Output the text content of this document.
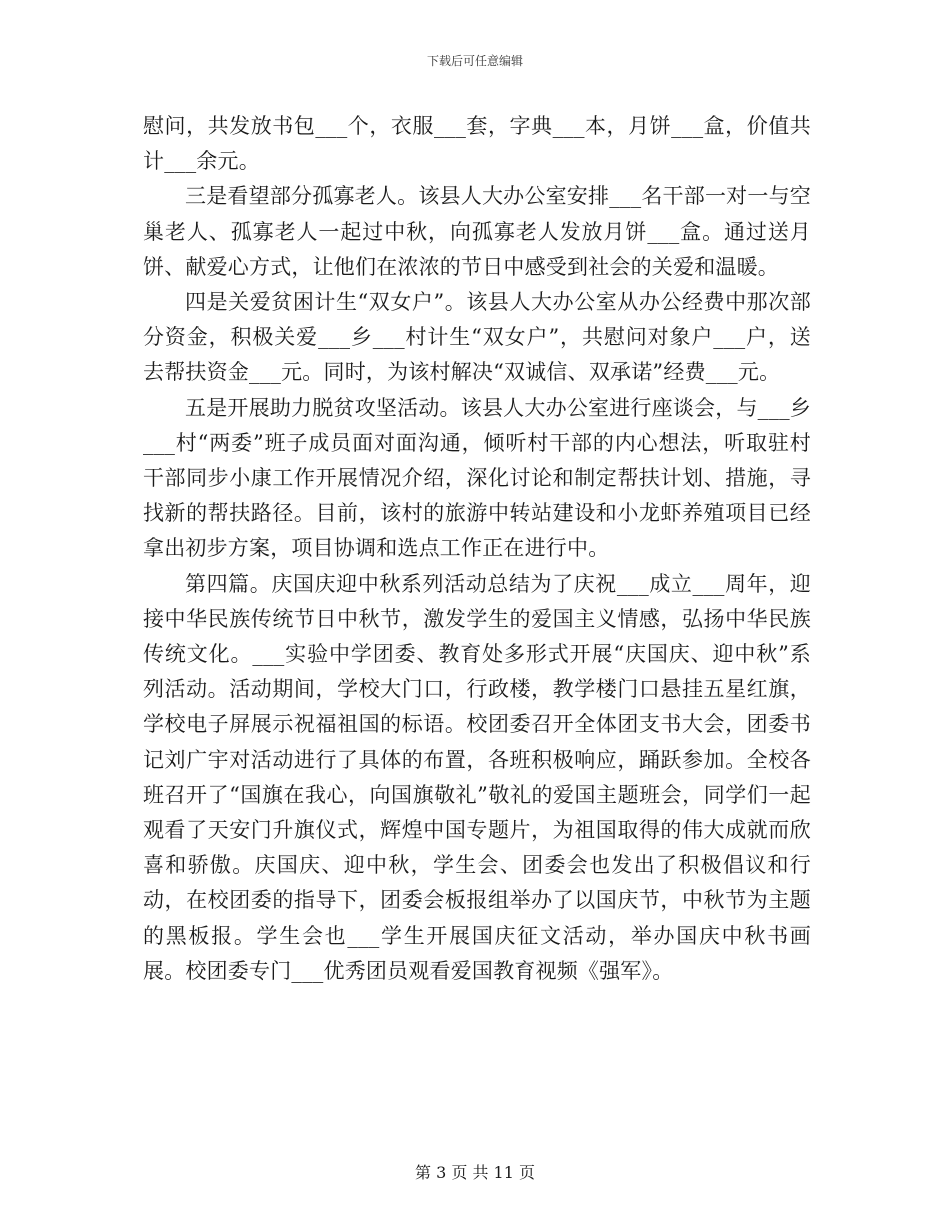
下载后可任意编辑

慰问，共发放书包___个，衣服___套，字典___本，月饼___盒，价值共计___余元。

三是看望部分孤寡老人。该县人大办公室安排___名干部一对一与空巢老人、孤寡老人一起过中秋，向孤寡老人发放月饼___盒。通过送月饼、献爱心方式，让他们在浓浓的节日中感受到社会的关爱和温暖。

四是关爱贫困计生“双女户”。该县人大办公室从办公经费中那次部分资金，积极关爱___乡___村计生“双女户”，共慰问对象户___户，送去帮扶资金___元。同时，为该村解决“双诚信、双承诺”经费___元。

五是开展助力脱贫攻坚活动。该县人大办公室进行座谈会，与___乡___村“两委”班子成员面对面沟通，倾听村干部的内心想法，听取驻村干部同步小康工作开展情况介绍，深化讨论和制定帮扶计划、措施，寻找新的帮扶路径。目前，该村的旅游中转站建设和小龙虾养殖项目已经拿出初步方案，项目协调和选点工作正在进行中。

第四篇。庆国庆迎中秋系列活动总结为了庆祝___成立___周年，迎接中华民族传统节日中秋节，激发学生的爱国主义情感，弘扬中华民族传统文化。___实验中学团委、教育处多形式开展“庆国庆、迎中秋”系列活动。活动期间，学校大门口，行政楼，教学楼门口悬挂五星红旗，学校电子屏展示祝福祖国的标语。校团委召开全体团支书大会，团委书记刘广宇对活动进行了具体的布置，各班积极响应，踊跃参加。全校各班召开了“国旗在我心，向国旗敬礼”敬礼的爱国主题班会，同学们一起观看了天安门升旗仪式，辉煌中国专题片，为祖国取得的伟大成就而欣喜和骄傲。庆国庆、迎中秋，学生会、团委会也发出了积极倡议和行动，在校团委的指导下，团委会板报组举办了以国庆节，中秋节为主题的黑板报。学生会也___学生开展国庆征文活动，举办国庆中秋书画展。校团委专门___优秀团员观看爱国教育视频《强军》。

第 3 页 共 11 页
